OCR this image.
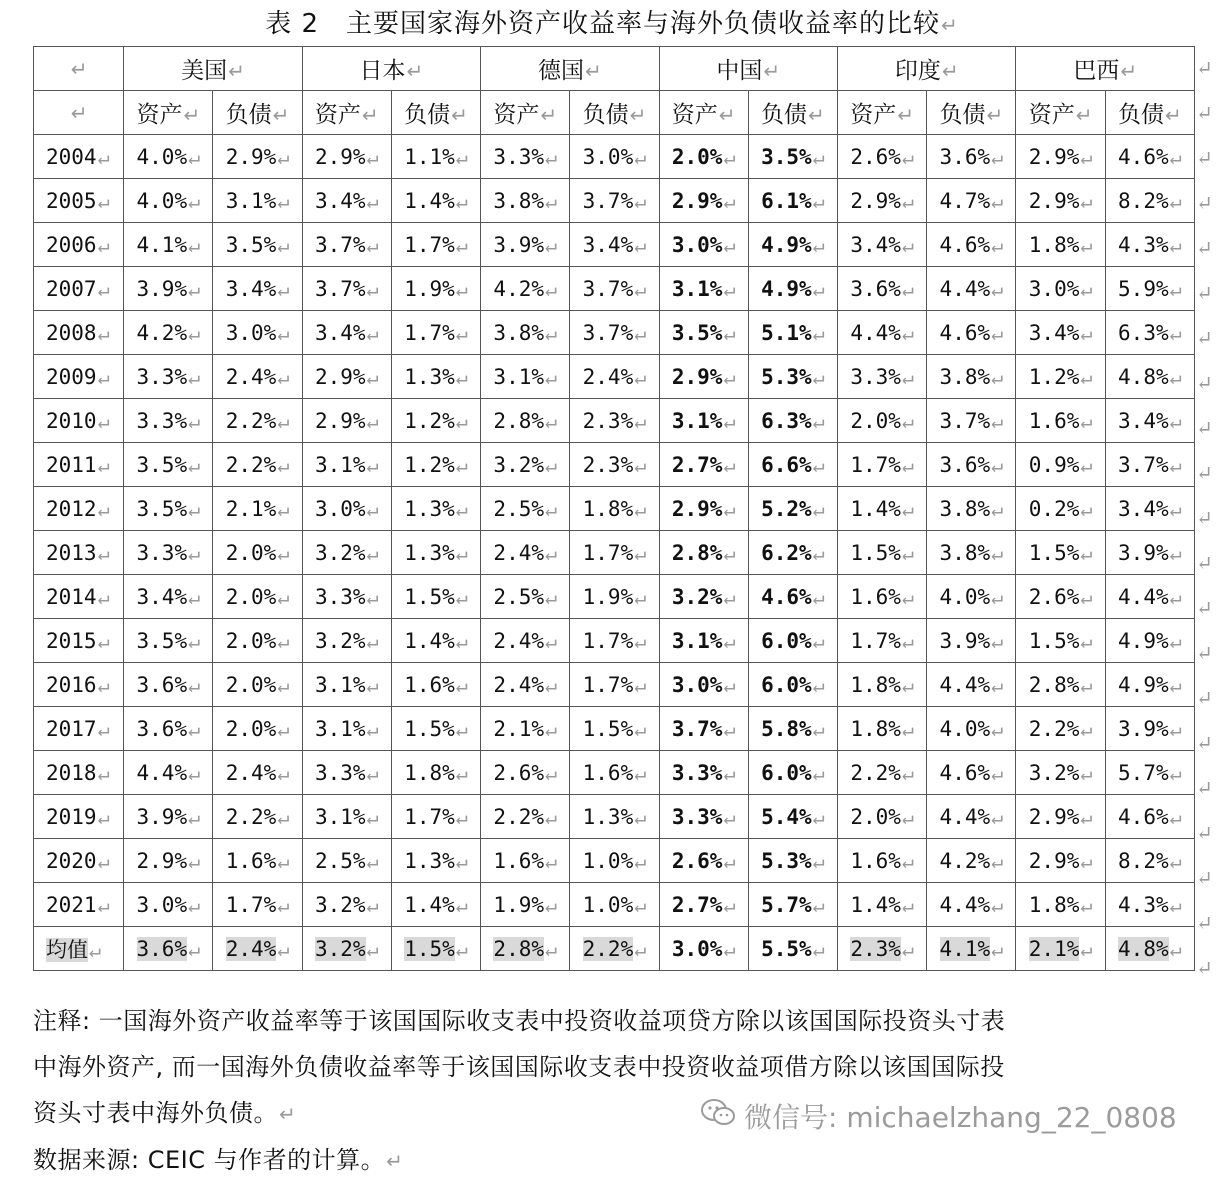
表 2　主要国家海外资产收益率与海外负债收益率的比较↵
↵	美国↵		日本↵		德国↵		中国↵		印度↵		巴西↵	
↵	资产↵	负债↵	资产↵	负债↵	资产↵	负债↵	资产↵	负债↵	资产↵	负债↵	资产↵	负债↵
2004↵	4.0%↵	2.9%↵	2.9%↵	1.1%↵	3.3%↵	3.0%↵	2.0%↵	3.5%↵	2.6%↵	3.6%↵	2.9%↵	4.6%↵
2005↵	4.0%↵	3.1%↵	3.4%↵	1.4%↵	3.8%↵	3.7%↵	2.9%↵	6.1%↵	2.9%↵	4.7%↵	2.9%↵	8.2%↵
2006↵	4.1%↵	3.5%↵	3.7%↵	1.7%↵	3.9%↵	3.4%↵	3.0%↵	4.9%↵	3.4%↵	4.6%↵	1.8%↵	4.3%↵
2007↵	3.9%↵	3.4%↵	3.7%↵	1.9%↵	4.2%↵	3.7%↵	3.1%↵	4.9%↵	3.6%↵	4.4%↵	3.0%↵	5.9%↵
2008↵	4.2%↵	3.0%↵	3.4%↵	1.7%↵	3.8%↵	3.7%↵	3.5%↵	5.1%↵	4.4%↵	4.6%↵	3.4%↵	6.3%↵
2009↵	3.3%↵	2.4%↵	2.9%↵	1.3%↵	3.1%↵	2.4%↵	2.9%↵	5.3%↵	3.3%↵	3.8%↵	1.2%↵	4.8%↵
2010↵	3.3%↵	2.2%↵	2.9%↵	1.2%↵	2.8%↵	2.3%↵	3.1%↵	6.3%↵	2.0%↵	3.7%↵	1.6%↵	3.4%↵
2011↵	3.5%↵	2.2%↵	3.1%↵	1.2%↵	3.2%↵	2.3%↵	2.7%↵	6.6%↵	1.7%↵	3.6%↵	0.9%↵	3.7%↵
2012↵	3.5%↵	2.1%↵	3.0%↵	1.3%↵	2.5%↵	1.8%↵	2.9%↵	5.2%↵	1.4%↵	3.8%↵	0.2%↵	3.4%↵
2013↵	3.3%↵	2.0%↵	3.2%↵	1.3%↵	2.4%↵	1.7%↵	2.8%↵	6.2%↵	1.5%↵	3.8%↵	1.5%↵	3.9%↵
2014↵	3.4%↵	2.0%↵	3.3%↵	1.5%↵	2.5%↵	1.9%↵	3.2%↵	4.6%↵	1.6%↵	4.0%↵	2.6%↵	4.4%↵
2015↵	3.5%↵	2.0%↵	3.2%↵	1.4%↵	2.4%↵	1.7%↵	3.1%↵	6.0%↵	1.7%↵	3.9%↵	1.5%↵	4.9%↵
2016↵	3.6%↵	2.0%↵	3.1%↵	1.6%↵	2.4%↵	1.7%↵	3.0%↵	6.0%↵	1.8%↵	4.4%↵	2.8%↵	4.9%↵
2017↵	3.6%↵	2.0%↵	3.1%↵	1.5%↵	2.1%↵	1.5%↵	3.7%↵	5.8%↵	1.8%↵	4.0%↵	2.2%↵	3.9%↵
2018↵	4.4%↵	2.4%↵	3.3%↵	1.8%↵	2.6%↵	1.6%↵	3.3%↵	6.0%↵	2.2%↵	4.6%↵	3.2%↵	5.7%↵
2019↵	3.9%↵	2.2%↵	3.1%↵	1.7%↵	2.2%↵	1.3%↵	3.3%↵	5.4%↵	2.0%↵	4.4%↵	2.9%↵	4.6%↵
2020↵	2.9%↵	1.6%↵	2.5%↵	1.3%↵	1.6%↵	1.0%↵	2.6%↵	5.3%↵	1.6%↵	4.2%↵	2.9%↵	8.2%↵
2021↵	3.0%↵	1.7%↵	3.2%↵	1.4%↵	1.9%↵	1.0%↵	2.7%↵	5.7%↵	1.4%↵	4.4%↵	1.8%↵	4.3%↵
均值↵	3.6%↵	2.4%↵	3.2%↵	1.5%↵	2.8%↵	2.2%↵	3.0%↵	5.5%↵	2.3%↵	4.1%↵	2.1%↵	4.8%↵
↵
↵
↵
↵
↵
↵
↵
↵
↵
↵
↵
↵
↵
↵
↵
↵
↵
↵
↵
↵
↵

注释: 一国海外资产收益率等于该国国际收支表中投资收益项贷方除以该国国际投资头寸表

中海外资产, 而一国海外负债收益率等于该国国际收支表中投资收益项借方除以该国国际投

资头寸表中海外负债。↵

数据来源: CEIC 与作者的计算。↵

微信号: michaelzhang_22_0808
